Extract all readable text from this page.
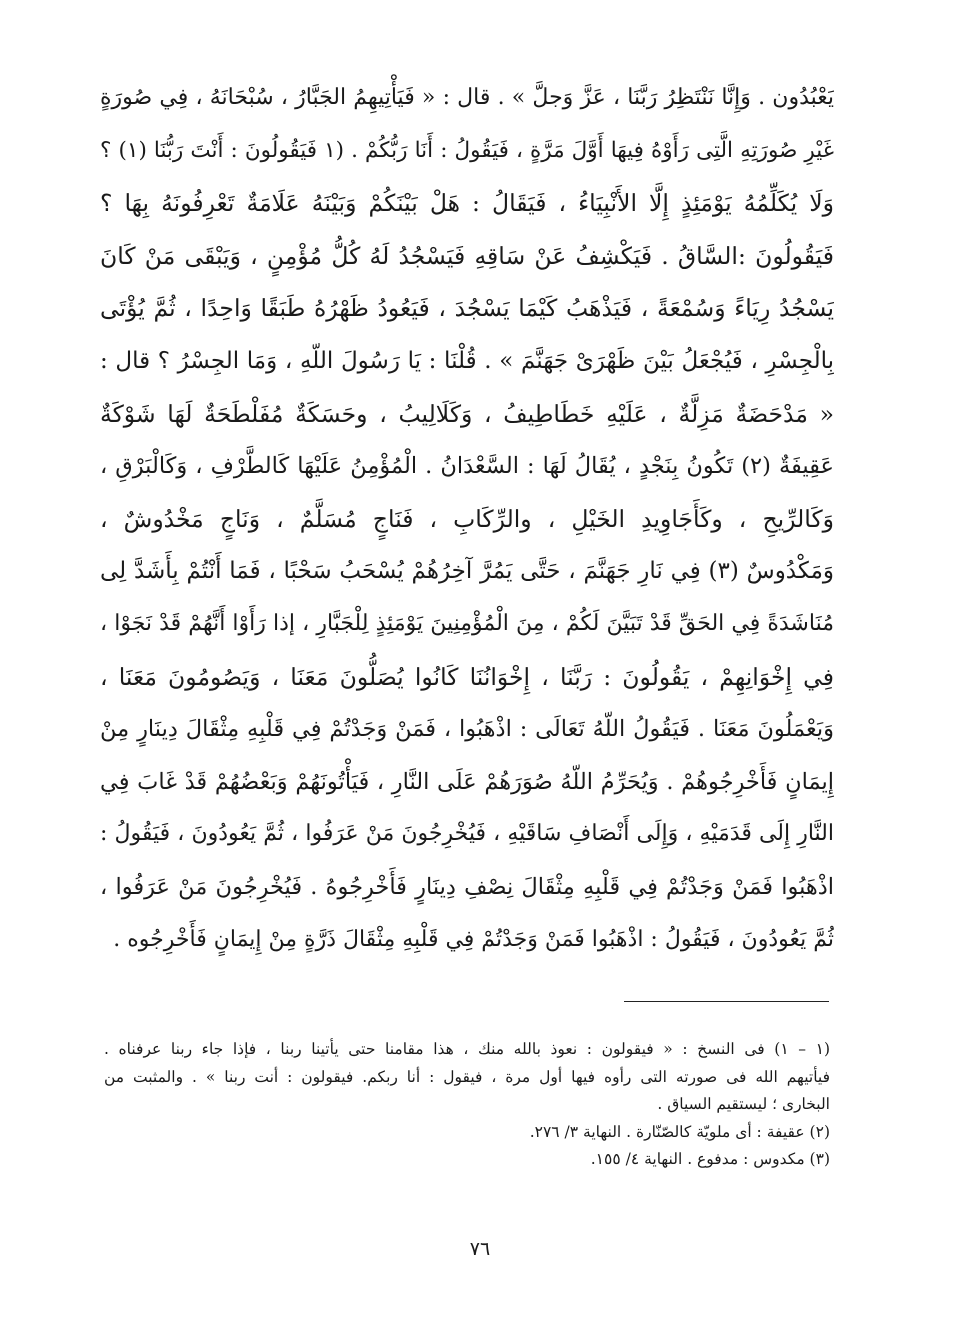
يَعْبُدُون . وَإِنَّا نَنْتَظِرُ رَبَّنَا ، عَزَّ وَجلَّ » . قال : « فَيَأْتِيهِمُ الجَبَّارُ ، سُبْحَانَهُ ، فِي صُورَةٍ
غَيْرِ صُورَتِهِ الَّتِى رَأَوْهُ فِيهَا أَوَّلَ مَرَّةٍ ، فَيَقُولُ : أَنَا رَبُّكُمْ . (١ فَيَقُولُونَ : أَنْتَ رَبُّنَا (١) ؟
وَلَا يُكَلِّمُهُ يَوْمَئِذٍ إِلَّا الأَنْبِيَاءُ ، فَيَقَالُ : هَلْ بَيْنَكُمْ وَبَيْنَهُ عَلَامَةٌ تَعْرِفُونَهُ بِهَا ؟
فَيَقُولُونَ :السَّاقُ . فَيَكْشِفُ عَنْ سَاقِهِ فَيَسْجُدُ لَهُ كُلُّ مُؤْمِنٍ ، وَيَبْقَى مَنْ كَانَ
يَسْجُدُ رِيَاءً وَسُمْعَةً ، فَيَذْهَبُ كَيْمَا يَسْجُدَ ، فَيَعُودُ ظَهْرُهُ طَبَقًا وَاحِدًا ، ثُمَّ يُؤْتَى
بِالْجِسْرِ ، فَيُجْعَلُ بَيْنَ ظَهْرَىْ جَهَنَّمَ » . قُلْنَا : يَا رَسُولَ اللّهِ ، وَمَا الجِسْرُ ؟ قال :
« مَدْحَضَةٌ مَزِلَّةٌ ، عَلَيْهِ خَطَاطِيفُ ، وَكَلَالِيبُ ، وحَسَكَةٌ مُفَلْطَحَةٌ لَهَا شَوْكَةٌ
عَقِيفَةٌ (٢) تَكُونُ بِنَجْدٍ ، يُقَالُ لَهَا : السَّعْدَانُ . الْمُؤْمِنُ عَلَيْهَا كَالطَّرْفِ ، وَكَالْبَرْقِ ،
وَكَالرِّيحِ ، وكَأَجَاوِيدِ الخَيْلِ ، والرِّكَابِ ، فَنَاجٍ مُسَلَّمٌ ، وَنَاجٍ مَخْدُوشٌ ،
وَمَكْدُوسٌ (٣) فِي نَارِ جَهَنَّمَ ، حَتَّى يَمُرَّ آخِرُهُمْ يُسْحَبُ سَحْبًا ، فَمَا أَنْتُمْ بِأَشَدَّ لِى
مُنَاشَدَةً فِي الحَقِّ قَدْ تَبَيَّنَ لَكُمْ ، مِنَ الْمُؤْمِنِينَ يَوْمَئِذٍ لِلْجَبَّارِ ، إذا رَأَوْا أَنَّهُمْ قَدْ نَجَوْا ،
فِي إِخْوَانِهِمْ ، يَقُولُونَ : رَبَّنَا ، إِخْوَانُنَا كَانُوا يُصَلُّونَ مَعَنَا ، وَيَصُومُونَ مَعَنَا ،
وَيَعْمَلُونَ مَعَنَا . فَيَقُولُ اللّهُ تَعَالَى : اذْهَبُوا ، فَمَنْ وَجَدْتُمْ فِي قَلْبِهِ مِثْقَالَ دِينَارٍ مِنْ
إِيمَانٍ فَأَخْرِجُوهُمْ . وَيُحَرِّمُ اللّهُ صُوَرَهُمْ عَلَى النَّارِ ، فَيَأْتُونَهُمْ وَبَعْضُهُمْ قَدْ غَابَ فِي
النَّارِ إِلَى قَدَمَيْهِ ، وَإِلَى أَنْصَافِ سَاقَيْهِ ، فَيُخْرِجُونَ مَنْ عَرَفُوا ، ثُمَّ يَعُودُونَ ، فَيَقُولُ :
اذْهَبُوا فَمَنْ وَجَدْتُمْ فِي قَلْبِهِ مِثْقَالَ نِصْفِ دِينَارٍ فَأَخْرِجُوهُ . فَيُخْرِجُونَ مَنْ عَرَفُوا ،
ثُمَّ يَعُودُونَ ، فَيَقُولُ : اذْهَبُوا فَمَنْ وَجَدْتُمْ فِي قَلْبِهِ مِثْقَالَ ذَرَّةٍ مِنْ إِيمَانٍ فَأَخْرِجُوه .
(١ – ١) فى النسخ : « فيقولون : نعوذ بالله منك ، هذا مقامنا حتى يأتينا ربنا ، فإذا جاء ربنا عرفناه .
فيأتيهم الله فى صورته التى رأوه فيها أول مرة ، فيقول : أنا ربكم. فيقولون : أنت ربنا » . والمثبت من
البخارى ؛ ليستقيم السياق .
(٢) عقيفة : أى ملويّة كالصّنّارة . النهاية ٣/ ٢٧٦.
(٣) مكدوس : مدفوع . النهاية ٤/ ١٥٥.
٧٦
